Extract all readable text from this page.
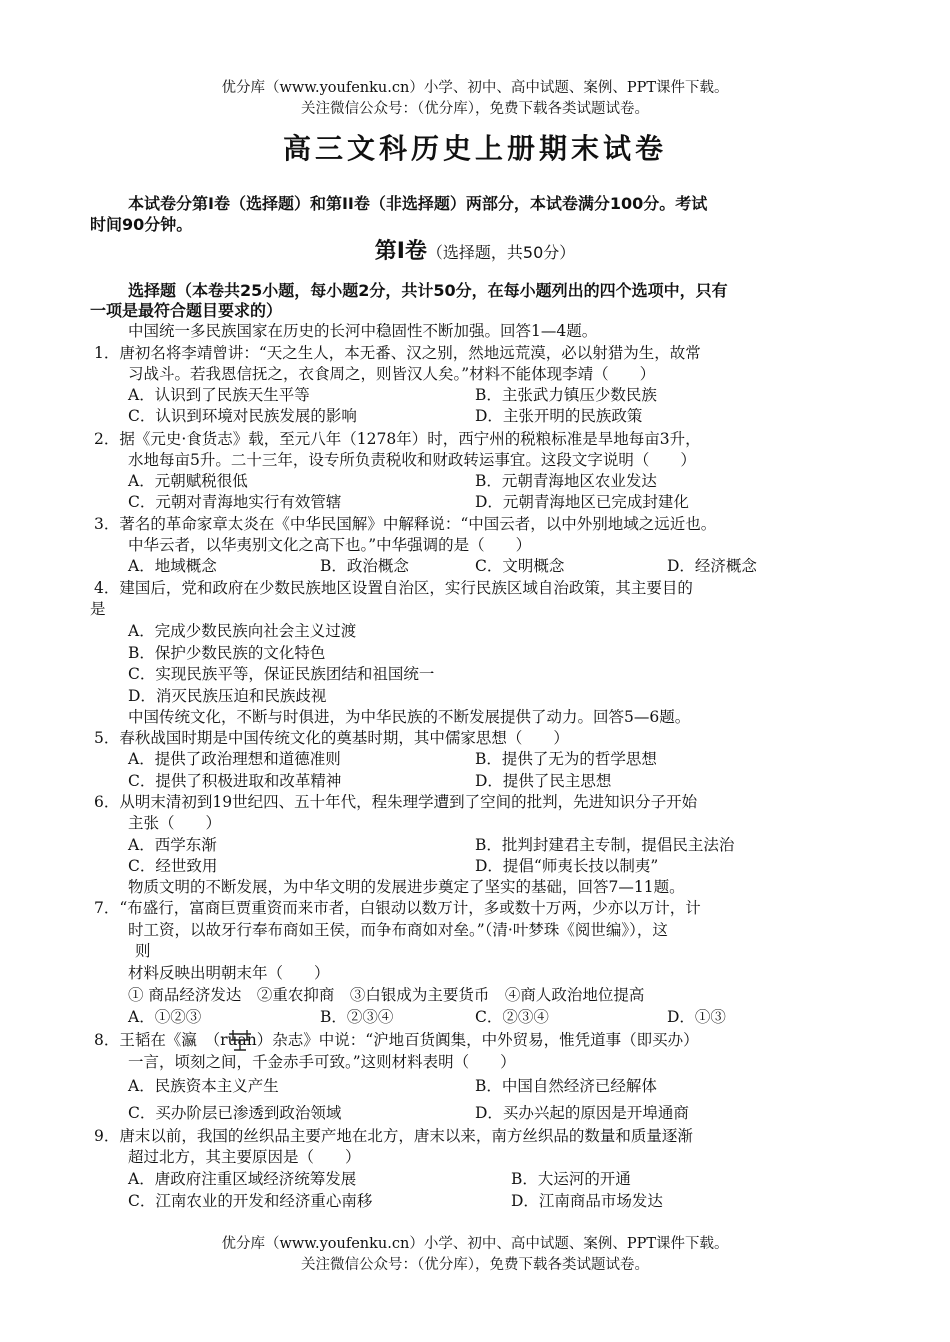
优分库（www.youfenku.cn）小学、初中、高中试题、案例、PPT课件下载。
关注微信公众号：（优分库），免费下载各类试题试卷。
高三文科历史上册期末试卷
本试卷分第Ⅰ卷（选择题）和第II卷（非选择题）两部分，本试卷满分100分。考试
时间90分钟。
第Ⅰ卷（选择题，共50分）
选择题（本卷共25小题，每小题2分，共计50分，在每小题列出的四个选项中，只有
一项是最符合题目要求的）
中国统一多民族国家在历史的长河中稳固性不断加强。回答1—4题。
1．唐初名将李靖曾讲：“天之生人，本无番、汉之别，然地远荒漠，必以射猎为生，故常
习战斗。若我恩信抚之，衣食周之，则皆汉人矣。”材料不能体现李靖（　　）
A．认识到了民族天生平等	B．主张武力镇压少数民族
C．认识到环境对民族发展的影响	D．主张开明的民族政策
2．据《元史·食货志》载，至元八年（1278年）时，西宁州的税粮标准是旱地每亩3升，
水地每亩5升。二十三年，设专所负责税收和财政转运事宜。这段文字说明（　　）
A．元朝赋税很低	B．元朝青海地区农业发达
C．元朝对青海地实行有效管辖	D．元朝青海地区已完成封建化
3．著名的革命家章太炎在《中华民国解》中解释说：“中国云者，以中外别地域之远近也。
中华云者，以华夷别文化之高下也。”中华强调的是（　　）
A．地域概念	B．政治概念	C．文明概念	D．经济概念
4．建国后，党和政府在少数民族地区设置自治区，实行民族区域自治政策，其主要目的
是
A．完成少数民族向社会主义过渡
B．保护少数民族的文化特色
C．实现民族平等，保证民族团结和祖国统一
D．消灭民族压迫和民族歧视
中国传统文化，不断与时俱进，为中华民族的不断发展提供了动力。回答5—6题。
5．春秋战国时期是中国传统文化的奠基时期，其中儒家思想（　　）
A．提供了政治理想和道德准则	B．提供了无为的哲学思想
C．提供了积极进取和改革精神	D．提供了民主思想
6．从明末清初到19世纪四、五十年代，程朱理学遭到了空间的批判，先进知识分子开始
主张（　　）
A．西学东渐	B．批判封建君主专制，提倡民主法治
C．经世致用	D．提倡“师夷长技以制夷”
物质文明的不断发展，为中华文明的发展进步奠定了坚实的基础，回答7—11题。
7．“布盛行，富商巨贾重资而来市者，白银动以数万计，多或数十万两，少亦以万计，计
时工资，以故牙行奉布商如王侯，而争布商如对垒。”（清·叶梦珠《阅世编》），这
则
材料反映出明朝末年（　　）
① 商品经济发达　②重农抑商　③白银成为主要货币　④商人政治地位提高
A．①②③	B．②③④	C．②③④	D．①③
8．王韬在《瀛　（ruan）杂志》中说：“沪地百货阗集，中外贸易，惟凭道事（即买办）
一言，顷刻之间，千金赤手可致。”这则材料表明（　　）
A．民族资本主义产生	B．中国自然经济已经解体
C．买办阶层已渗透到政治领域	D．买办兴起的原因是开埠通商
9．唐末以前，我国的丝织品主要产地在北方，唐末以来，南方丝织品的数量和质量逐渐
超过北方，其主要原因是（　　）
A．唐政府注重区域经济统筹发展	B．大运河的开通
C．江南农业的开发和经济重心南移	D．江南商品市场发达
优分库（www.youfenku.cn）小学、初中、高中试题、案例、PPT课件下载。
关注微信公众号：（优分库），免费下载各类试题试卷。
